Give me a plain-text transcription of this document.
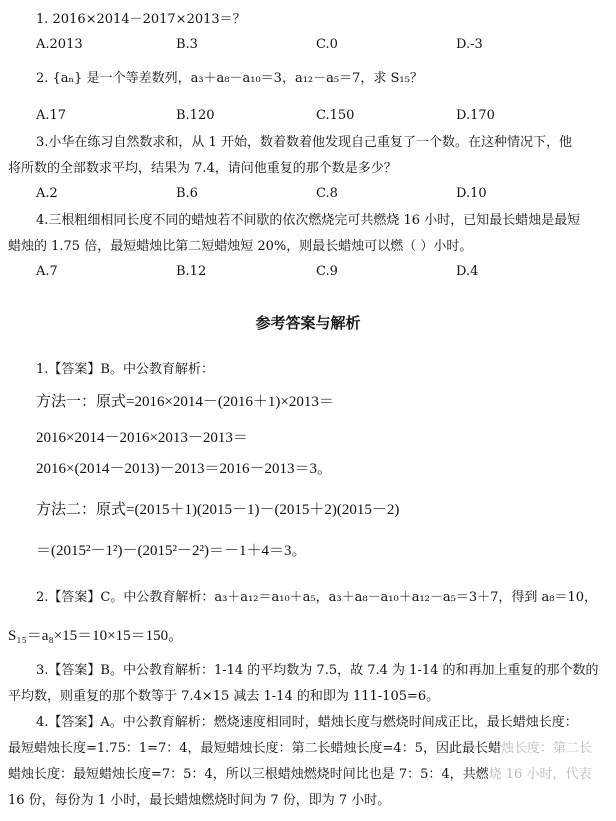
1. 2016×2014－2017×2013＝？
A.2013	B.3	C.0	D.-3
2. {aₙ} 是一个等差数列，a₃＋a₈－a₁₀＝3，a₁₂－a₅＝7，求 S₁₅？
A.17	B.120	C.150	D.170
3.小华在练习自然数求和，从 1 开始，数着数着他发现自己重复了一个数。在这种情况下，他
将所数的全部数求平均，结果为 7.4，请问他重复的那个数是多少？
A.2	B.6	C.8	D.10
4.三根粗细相同长度不同的蜡烛若不间歇的依次燃烧完可共燃烧 16 小时，已知最长蜡烛是最短
蜡烛的 1.75 倍，最短蜡烛比第二短蜡烛短 20%，则最长蜡烛可以燃（ ）小时。
A.7	B.12	C.9	D.4
参考答案与解析
1.【答案】B。中公教育解析：
方法一：原式=2016×2014－(2016＋1)×2013＝
2016×2014－2016×2013－2013＝
2016×(2014－2013)－2013＝2016－2013＝3。
方法二：原式=(2015＋1)(2015－1)－(2015＋2)(2015－2)
＝(2015²－1²)－(2015²－2²)＝－1＋4＝3。
2.【答案】C。中公教育解析：a₃＋a₁₂＝a₁₀＋a₅，a₃＋a₈－a₁₀＋a₁₂－a₅＝3＋7，得到 a₈＝10，
S₁₅＝a₈×15＝10×15＝150。
3.【答案】B。中公教育解析：1-14 的平均数为 7.5，故 7.4 为 1-14 的和再加上重复的那个数的
平均数，则重复的那个数等于 7.4×15 减去 1-14 的和即为 111-105=6。
4.【答案】A。中公教育解析：燃烧速度相同时，蜡烛长度与燃烧时间成正比，最长蜡烛长度：
最短蜡烛长度=1.75：1=7：4，最短蜡烛长度：第二长蜡烛长度=4：5，因此最长蜡烛长度：第二长
蜡烛长度：最短蜡烛长度=7：5：4，所以三根蜡烛燃烧时间比也是 7：5：4，共燃烧 16 小时，代表
16 份，每份为 1 小时，最长蜡烛燃烧时间为 7 份，即为 7 小时。
